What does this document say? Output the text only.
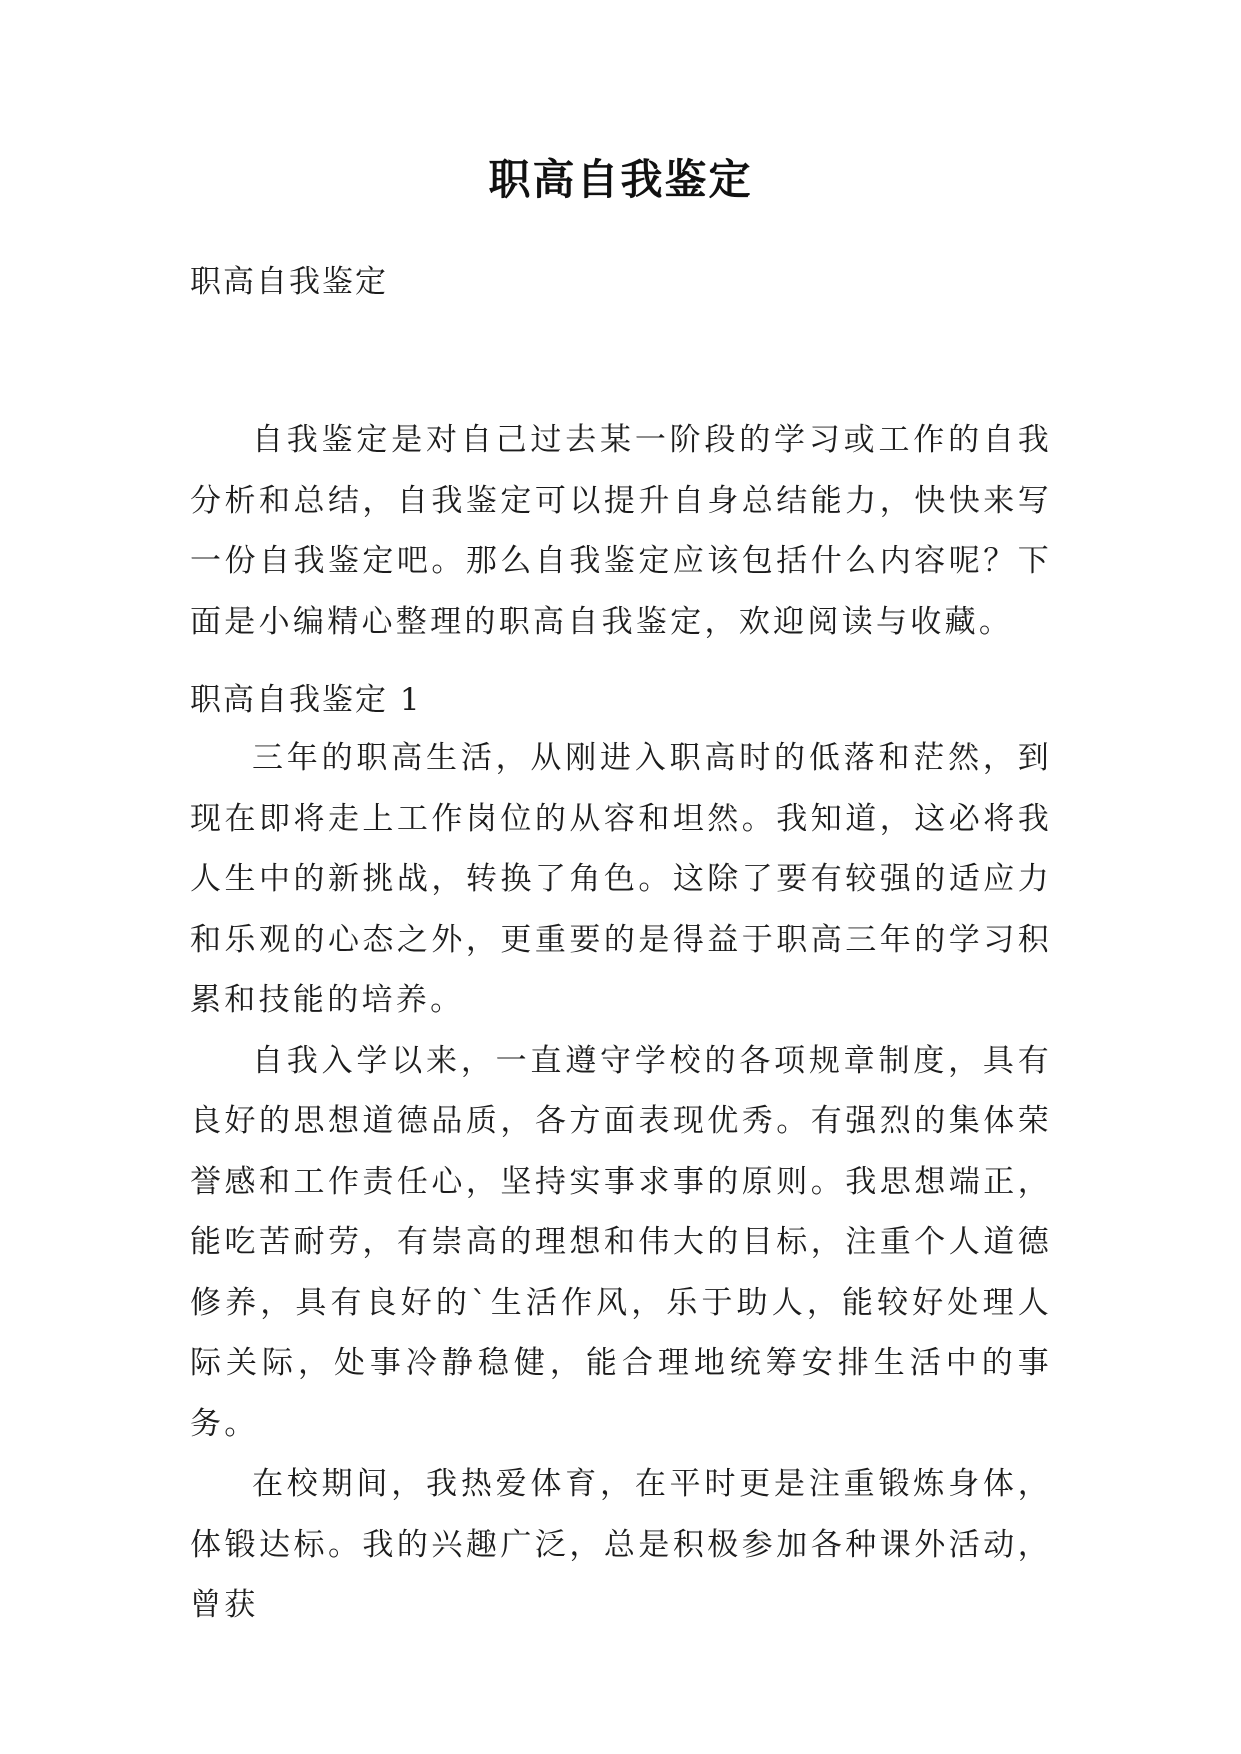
职高自我鉴定
职高自我鉴定

自我鉴定是对自己过去某一阶段的学习或工作的自我分析和总结，自我鉴定可以提升自身总结能力，快快来写一份自我鉴定吧。那么自我鉴定应该包括什么内容呢？下面是小编精心整理的职高自我鉴定，欢迎阅读与收藏。

职高自我鉴定 1

三年的职高生活，从刚进入职高时的低落和茫然，到现在即将走上工作岗位的从容和坦然。我知道，这必将我人生中的新挑战，转换了角色。这除了要有较强的适应力和乐观的心态之外，更重要的是得益于职高三年的学习积累和技能的培养。

自我入学以来，一直遵守学校的各项规章制度，具有良好的思想道德品质，各方面表现优秀。有强烈的集体荣誉感和工作责任心，坚持实事求事的原则。我思想端正，能吃苦耐劳，有崇高的理想和伟大的目标，注重个人道德修养，具有良好的`生活作风，乐于助人，能较好处理人际关际，处事冷静稳健，能合理地统筹安排生活中的事务。

在校期间，我热爱体育，在平时更是注重锻炼身体，体锻达标。我的兴趣广泛，总是积极参加各种课外活动，曾获
